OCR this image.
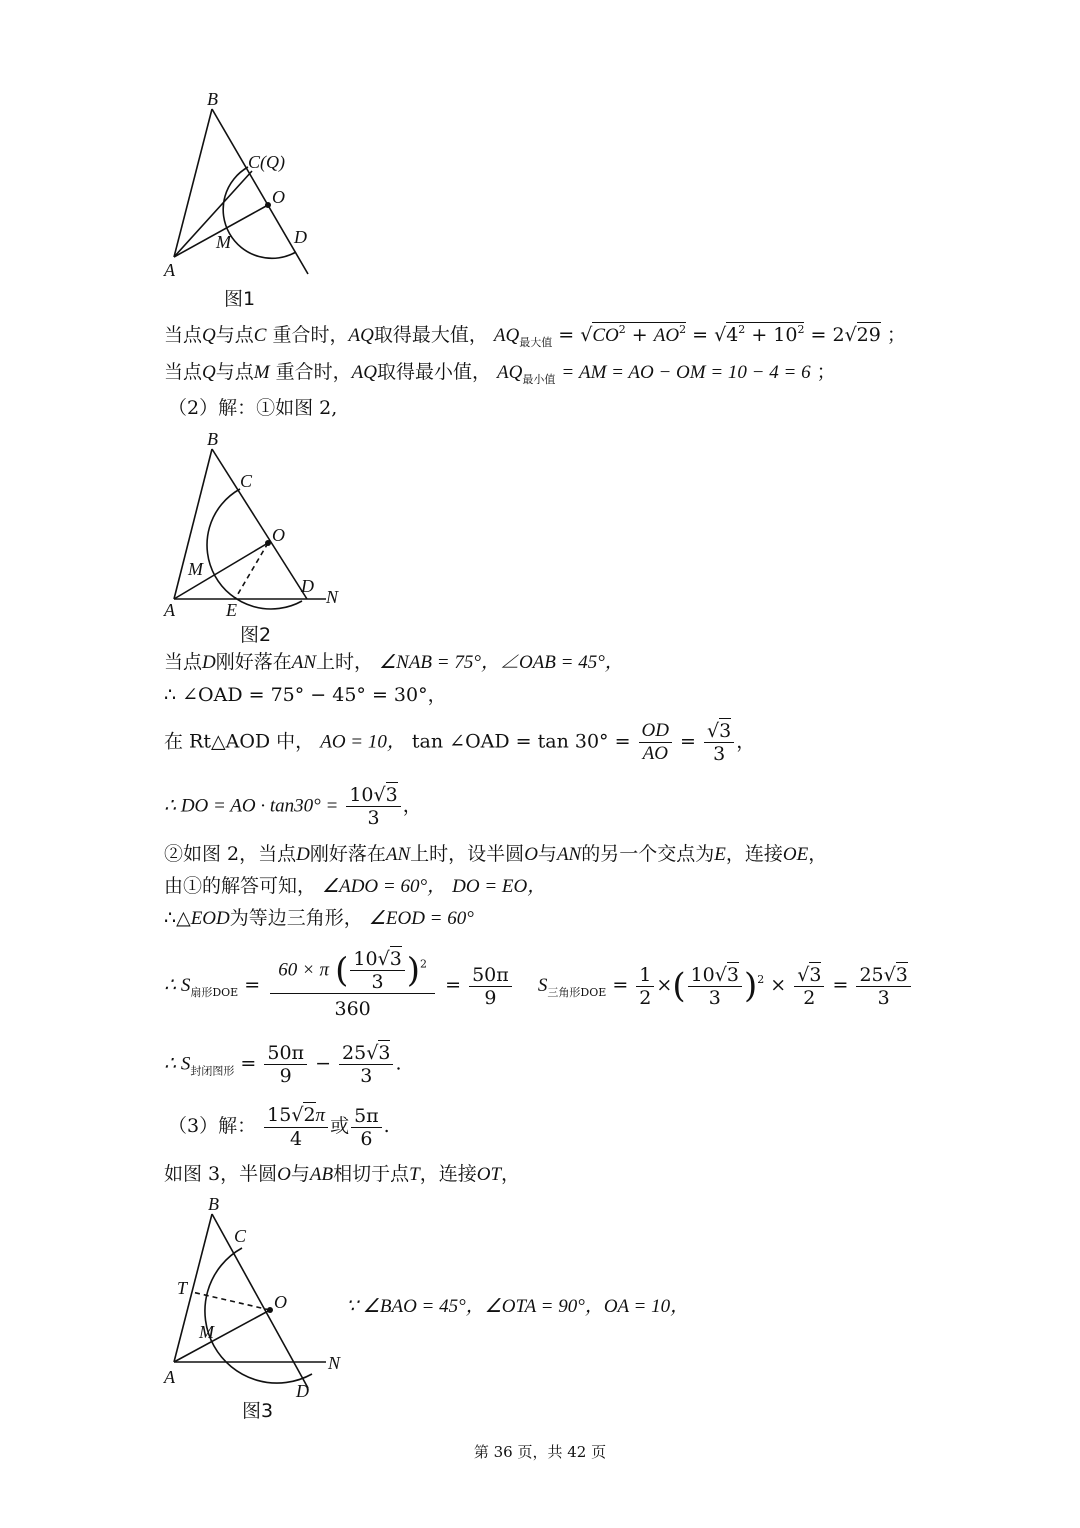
B
C(Q)
O
M	D
A
图1
当点Q与点C 重合时，AQ取得最大值， $AQ_{最大值} = √CO^2 + AO^2 = √4^2 + 10^2 = 2√29$ ；
当点Q与点M 重合时，AQ取得最小值， $AQ_{最小值}$ = AM = AO − OM = 10 − 4 = 6 ；
（2）解：①如图 2,
B
C
O
M
D
N
A	E
图2
当点D刚好落在AN上时， ∠NAB = 75°，∠OAB = 45°，
∴ ∠OAD = 75° − 45° = 30°，
在 Rt△AOD 中， AO = 10， tan ∠OAD = $\tan 30^\circ = \frac{OD}{AO} = \frac{√3}{3}$ ，
∴ DO = AO · $\tan 30^\circ = \frac{10√3}{3}$ ，
②如图 2，当点D刚好落在AN上时，设半圆O与AN的另一个交点为E，连接OE，
由①的解答可知， ∠ADO = 60°， DO = EO，
∴△EOD为等边三角形， ∠EOD = 60°
∴ $S_{扇形DOE} = \frac{60 \times \pi ( \frac{10√3}{3} )^2}{360} = \frac{50\pi}{9} S_{三角形DOE} = \frac{1}{2}$ ×( $\frac{10√3}{3} )^2 \times \frac{√3}{2} = \frac{25√3}{3}$
∴ $S_{封闭图形} = \frac{50\pi}{9} - \frac{25√3}{3}$ .
（3）解： $\frac{15√2\pi}{4}$ 或 $\frac{5\pi}{6}$ .
如图 3，半圆O与AB相切于点T，连接OT，
B
C
T
O
M
A
N
D
图3
∵ ∠BAO = 45°，∠OTA = 90°，OA = 10，
第 36 页，共 42 页
